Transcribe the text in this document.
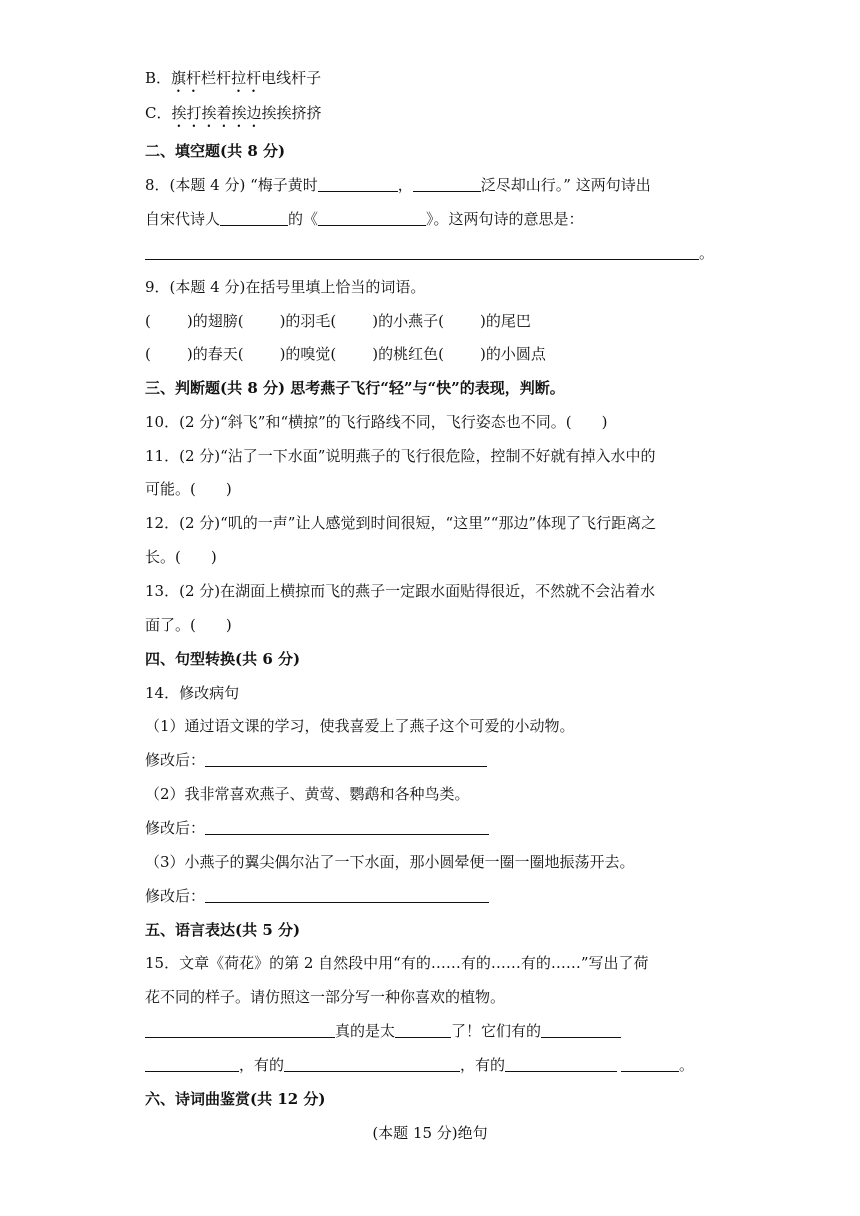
B．旗杆栏杆拉杆电线杆子
C．挨打挨着挨边挨挨挤挤
二、填空题(共 8 分)
8．(本题 4 分) “梅子黄时	，	泛尽却山行。” 这两句诗出
自宋代诗人	的《	》。这两句诗的意思是：
。
9．(本题 4 分)在括号里填上恰当的词语。
( )的翅膀( )的羽毛( )的小燕子( )的尾巴
( )的春天( )的嗅觉( )的桃红色( )的小圆点
三、判断题(共 8 分) 思考燕子飞行“轻”与“快”的表现，判断。
10．(2 分)“斜飞”和“横掠”的飞行路线不同，飞行姿态也不同。(　　)
11．(2 分)“沾了一下水面”说明燕子的飞行很危险，控制不好就有掉入水中的
可能。(　　)
12．(2 分)“叽的一声”让人感觉到时间很短，“这里”“那边”体现了飞行距离之
长。(　　)
13．(2 分)在湖面上横掠而飞的燕子一定跟水面贴得很近，不然就不会沾着水
面了。(　　)
四、句型转换(共 6 分)
14．修改病句
（1）通过语文课的学习，使我喜爱上了燕子这个可爱的小动物。
修改后：
（2）我非常喜欢燕子、黄莺、鹦鹉和各种鸟类。
修改后：
（3）小燕子的翼尖偶尔沾了一下水面，那小圆晕便一圈一圈地振荡开去。
修改后：
五、语言表达(共 5 分)
15．文章《荷花》的第 2 自然段中用“有的……有的……有的……”写出了荷
花不同的样子。请仿照这一部分写一种你喜欢的植物。
真的是太	了！它们有的
，有的	，有的	。
六、诗词曲鉴赏(共 12 分)
(本题 15 分)绝句
